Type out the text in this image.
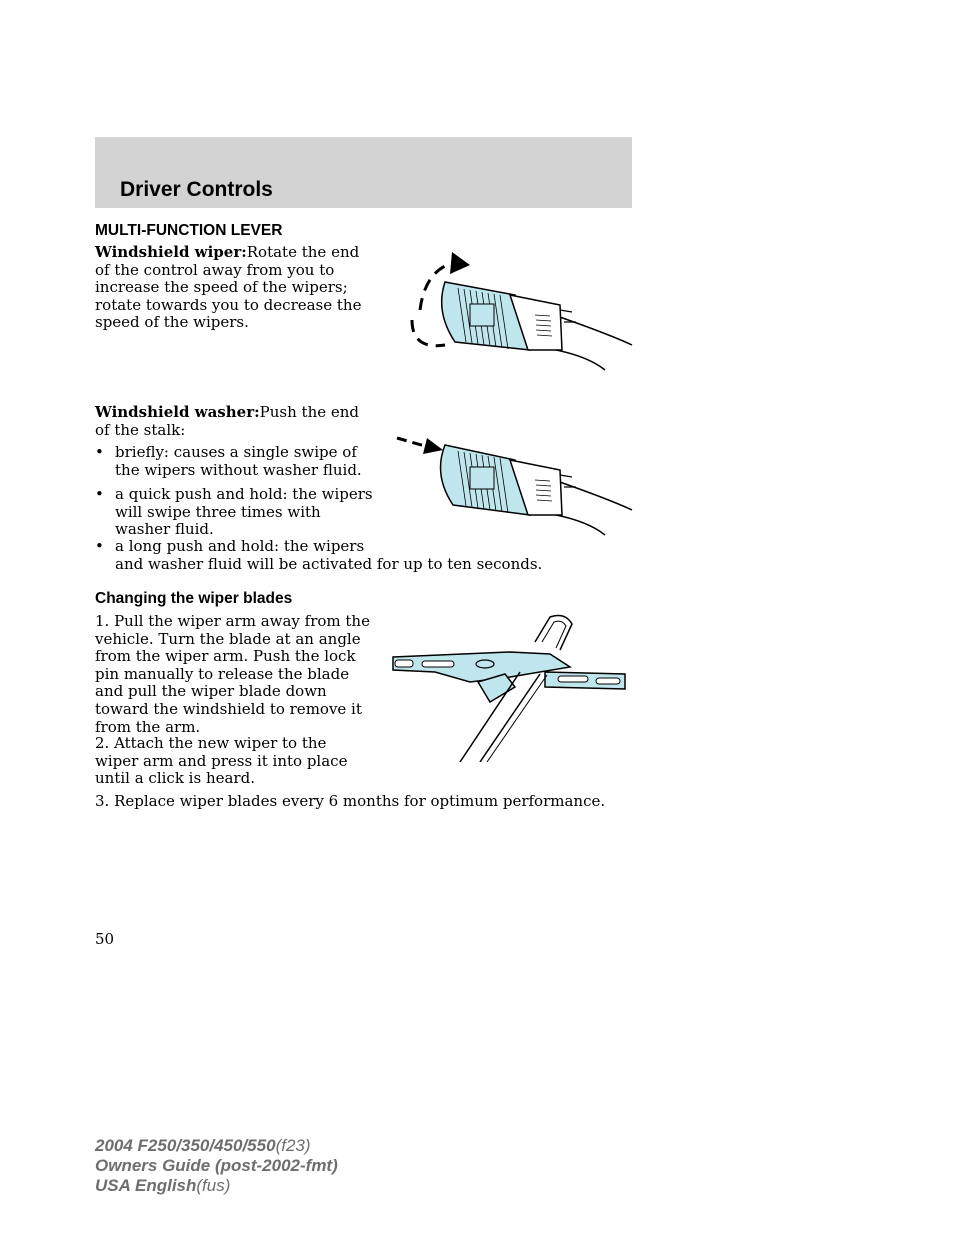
Driver Controls
MULTI-FUNCTION LEVER
Windshield wiper:Rotate the end
of the control away from you to
increase the speed of the wipers;
rotate towards you to decrease the
speed of the wipers.
Windshield washer:Push the end
of the stalk:
• briefly: causes a single swipe of
the wipers without washer fluid.
• a quick push and hold: the wipers
will swipe three times with
washer fluid.
• a long push and hold: the wipers
and washer fluid will be activated for up to ten seconds.
Changing the wiper blades
1. Pull the wiper arm away from the
vehicle. Turn the blade at an angle
from the wiper arm. Push the lock
pin manually to release the blade
and pull the wiper blade down
toward the windshield to remove it
from the arm.
2. Attach the new wiper to the
wiper arm and press it into place
until a click is heard.
3. Replace wiper blades every 6 months for optimum performance.
50
2004 F250/350/450/550(f23)
Owners Guide (post-2002-fmt)
USA English(fus)
